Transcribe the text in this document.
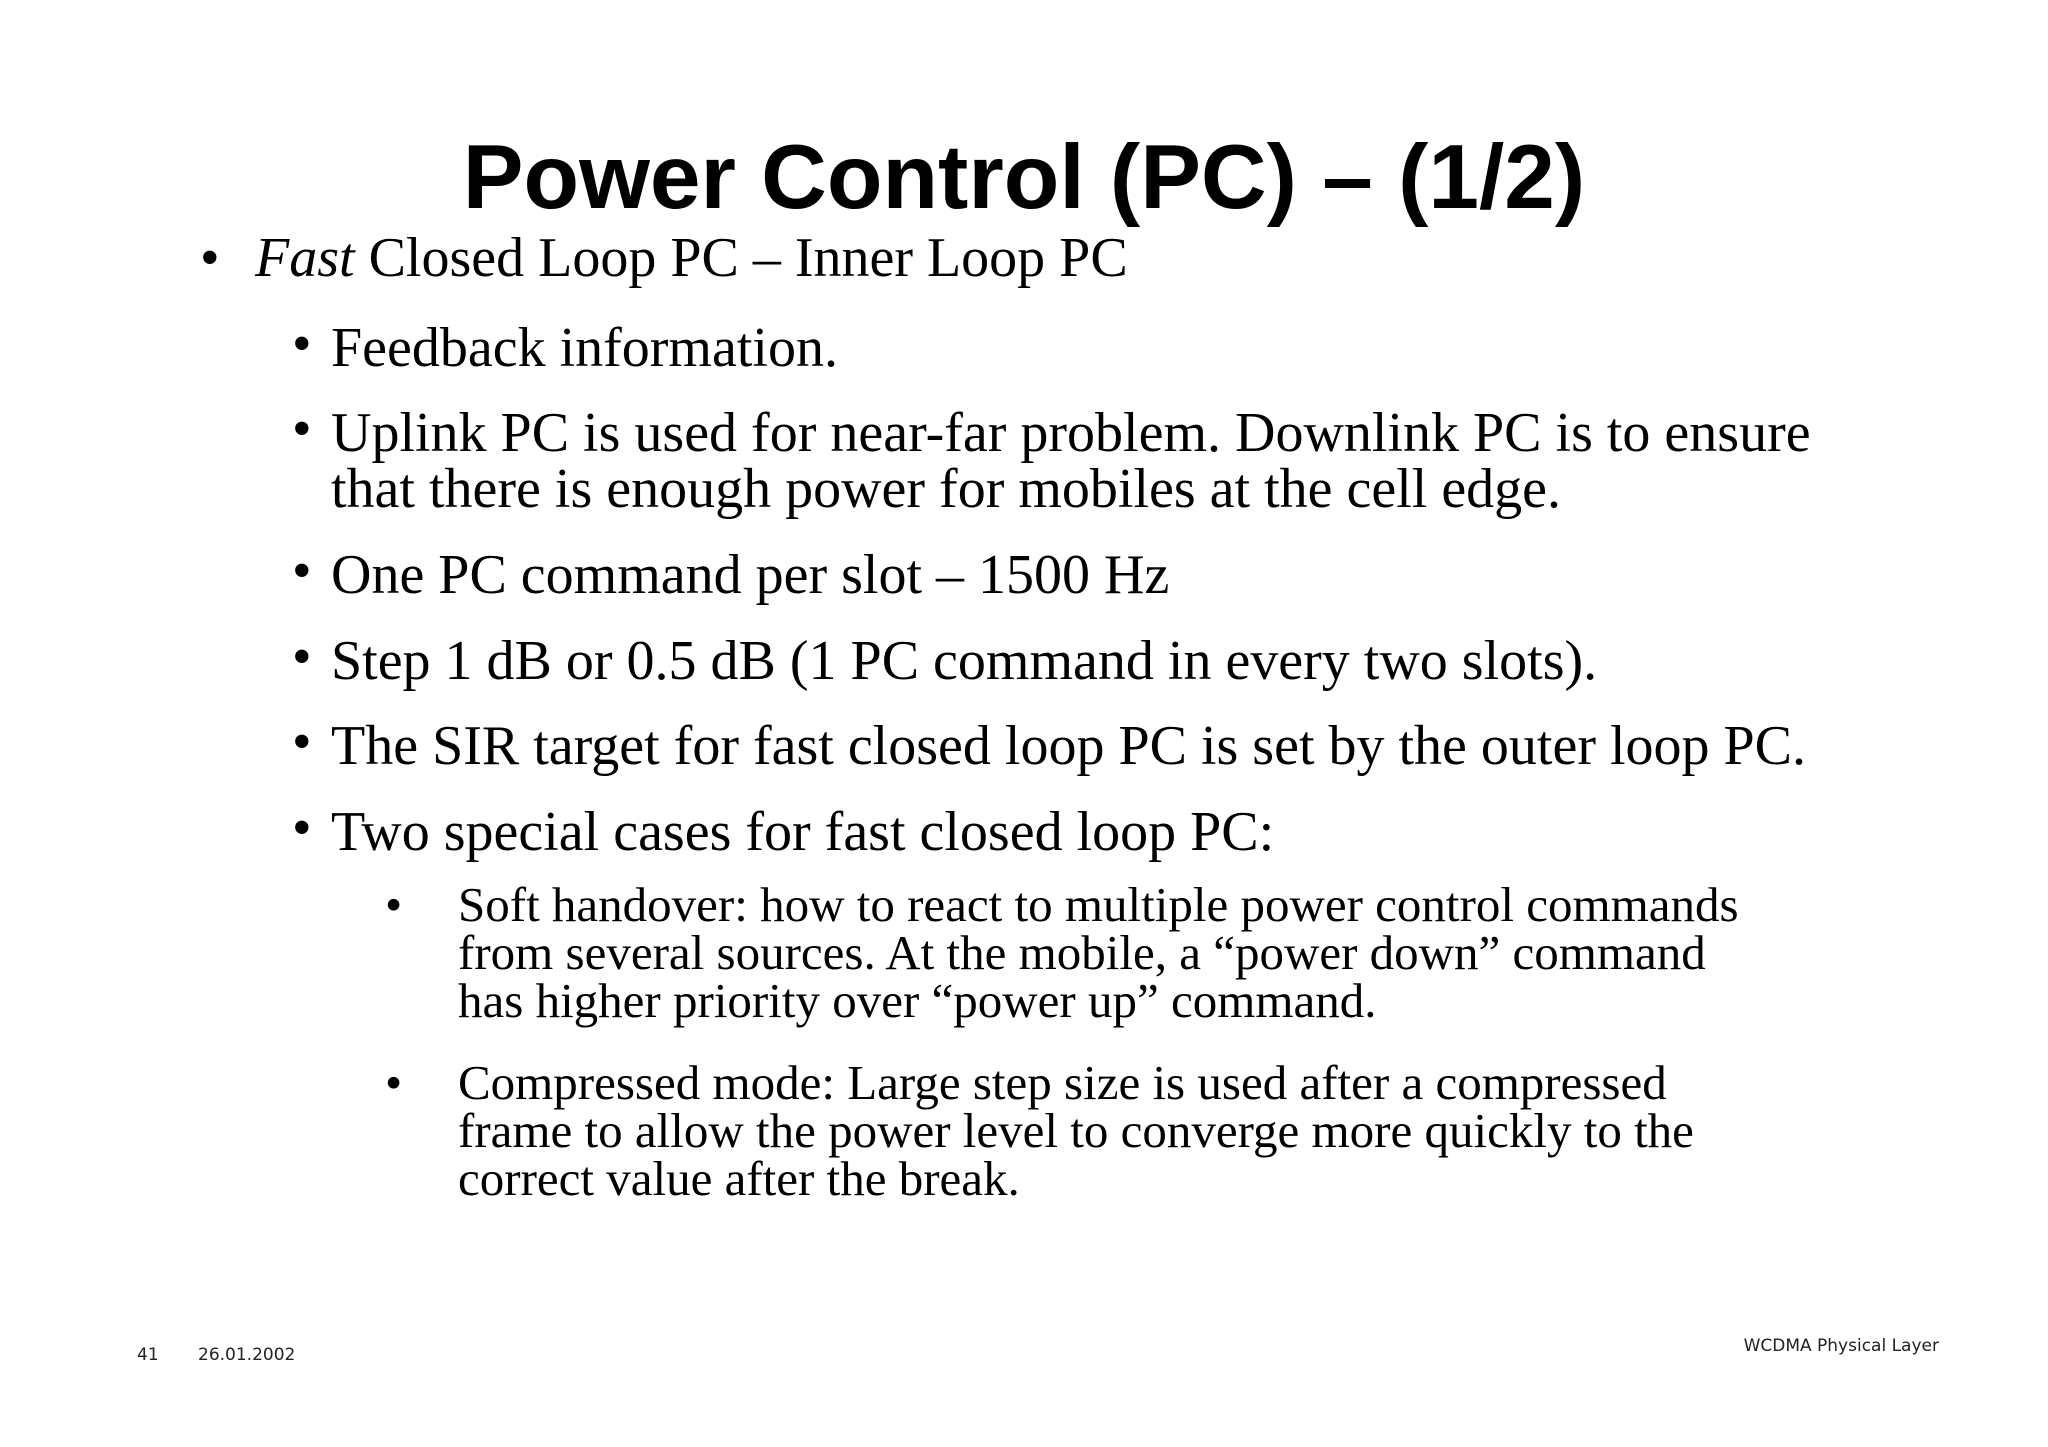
Power Control (PC) – (1/2)
• Fast Closed Loop PC – Inner Loop PC
• Feedback information.
• Uplink PC is used for near-far problem. Downlink PC is to ensure
that there is enough power for mobiles at the cell edge.
• One PC command per slot – 1500 Hz
• Step 1 dB or 0.5 dB (1 PC command in every two slots).
• The SIR target for fast closed loop PC is set by the outer loop PC.
• Two special cases for fast closed loop PC:
• Soft handover: how to react to multiple power control commands
from several sources. At the mobile, a “power down” command
has higher priority over “power up” command.
• Compressed mode: Large step size is used after a compressed
frame to allow the power level to converge more quickly to the
correct value after the break.
41 26.01.2002	WCDMA Physical Layer
